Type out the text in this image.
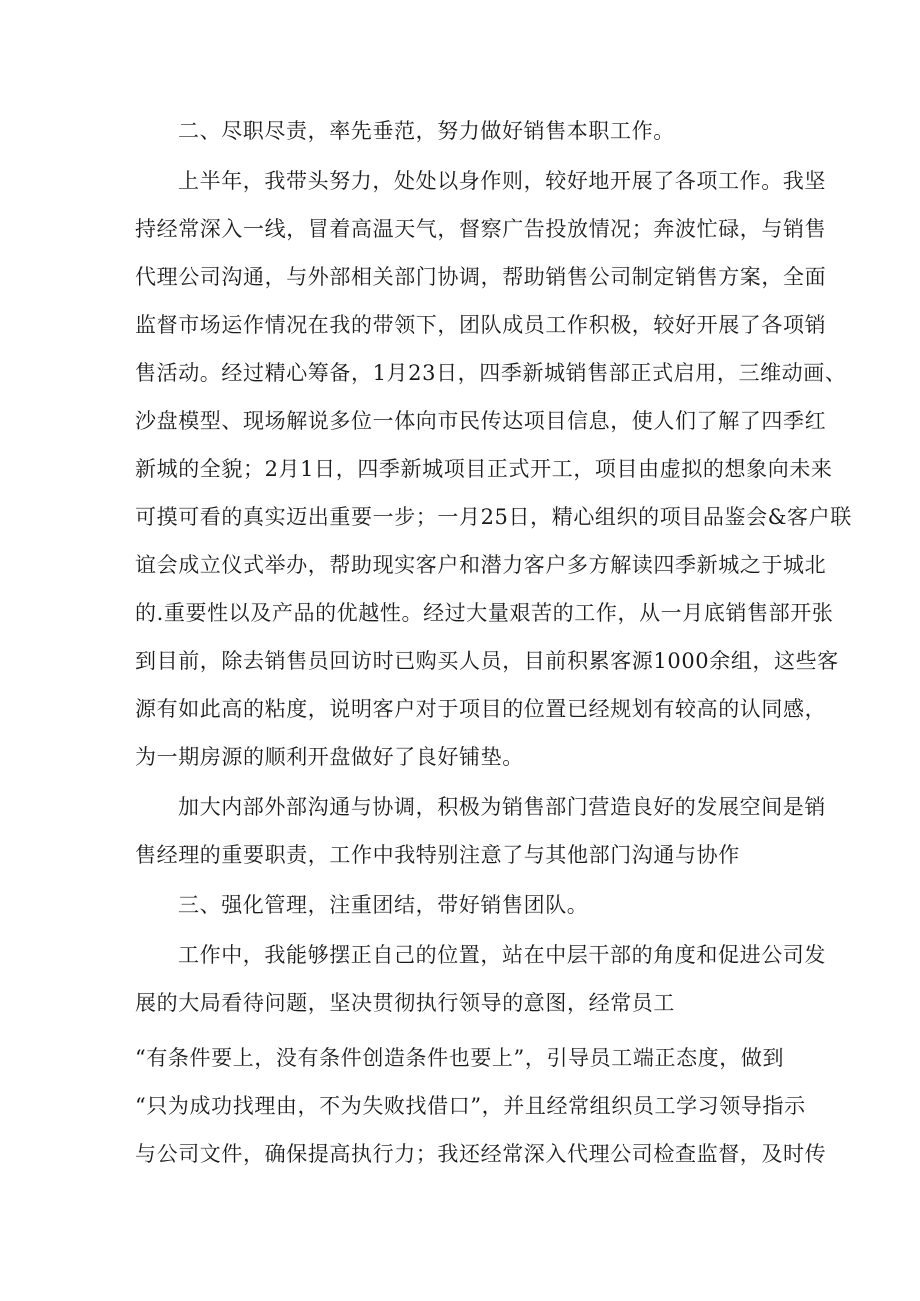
二、尽职尽责，率先垂范，努力做好销售本职工作。
上半年，我带头努力，处处以身作则，较好地开展了各项工作。我坚
持经常深入一线，冒着高温天气，督察广告投放情况；奔波忙碌，与销售
代理公司沟通，与外部相关部门协调，帮助销售公司制定销售方案，全面
监督市场运作情况在我的带领下，团队成员工作积极，较好开展了各项销
售活动。经过精心筹备，1月23日，四季新城销售部正式启用，三维动画、
沙盘模型、现场解说多位一体向市民传达项目信息，使人们了解了四季红
新城的全貌；2月1日，四季新城项目正式开工，项目由虚拟的想象向未来
可摸可看的真实迈出重要一步；一月25日，精心组织的项目品鉴会&客户联
谊会成立仪式举办，帮助现实客户和潜力客户多方解读四季新城之于城北
的.重要性以及产品的优越性。经过大量艰苦的工作，从一月底销售部开张
到目前，除去销售员回访时已购买人员，目前积累客源1000余组，这些客
源有如此高的粘度，说明客户对于项目的位置已经规划有较高的认同感，
为一期房源的顺利开盘做好了良好铺垫。
加大内部外部沟通与协调，积极为销售部门营造良好的发展空间是销
售经理的重要职责，工作中我特别注意了与其他部门沟通与协作
三、强化管理，注重团结，带好销售团队。
工作中，我能够摆正自己的位置，站在中层干部的角度和促进公司发
展的大局看待问题，坚决贯彻执行领导的意图，经常员工
“有条件要上，没有条件创造条件也要上”，引导员工端正态度，做到
“只为成功找理由，不为失败找借口”，并且经常组织员工学习领导指示
与公司文件，确保提高执行力；我还经常深入代理公司检查监督，及时传
